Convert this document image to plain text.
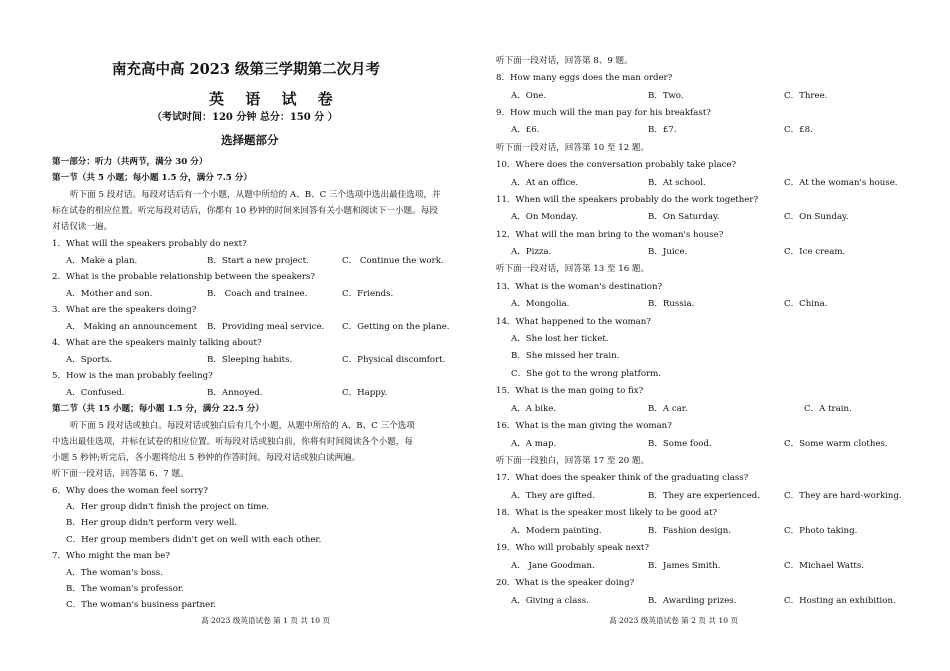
南充高中高 2023 级第三学期第二次月考
英 语 试 卷
（考试时间：120 分钟 总分：150 分 ）
选择题部分
第一部分：听力（共两节，满分 30 分）
第一节（共 5 小题；每小题 1.5 分，满分 7.5 分）
听下面 5 段对话。每段对话后有一个小题，从题中所给的 A、B、C 三个选项中选出最佳选项，并
标在试卷的相应位置。听完每段对话后，你都有 10 秒钟的时间来回答有关小题和阅读下一小题。每段
对话仅读一遍。
1．What will the speakers probably do next?
A．Make a plan.	B．Start a new project.	C． Continue the work.
2．What is the probable relationship between the speakers?
A．Mother and son.	B． Coach and trainee.	C．Friends.
3．What are the speakers doing?
A． Making an announcement B．Providing meal service. C．Getting on the plane.
4．What are the speakers mainly talking about?
A．Sports.	B．Sleeping habits.	C．Physical discomfort.
5．How is the man probably feeling?
A．Confused.	B．Annoyed.	C．Happy.
第二节（共 15 小题；每小题 1.5 分，满分 22.5 分）
听下面 5 段对话或独白。每段对话或独白后有几个小题，从题中所给的 A、B、C 三个选项
中选出最佳选项，并标在试卷的相应位置。听每段对话或独白前，你将有时间阅读各个小题，每
小题 5 秒钟;听完后，各小题将给出 5 秒钟的作答时间。每段对话或独白读两遍。
听下面一段对话，回答第 6、7 题。
6．Why does the woman feel sorry?
A．Her group didn't finish the project on time.
B．Her group didn't perform very well.
C．Her group members didn't get on well with each other.
7．Who might the man be?
A．The woman's boss.
B．The woman's professor.
C．The woman's business partner.
高 2023 级英语试卷 第 1 页 共 10 页
听下面一段对话，回答第 8、9 题。
8．How many eggs does the man order?
A．One.	B．Two.	C．Three.
9．How much will the man pay for his breakfast?
A．£6.	B．£7.	C．£8.
听下面一段对话，回答第 10 至 12 题。
10．Where does the conversation probably take place?
A．At an office.	B．At school.	C．At the woman's house.
11．When will the speakers probably do the work together?
A．On Monday.	B．On Saturday.	C．On Sunday.
12．What will the man bring to the woman's house?
A．Pizza.	B．Juice.	C．Ice cream.
听下面一段对话，回答第 13 至 16 题。
13．What is the woman's destination?
A．Mongolia.	B．Russia.	C．China.
14．What happened to the woman?
A．She lost her ticket.
B．She missed her train.
C．She got to the wrong platform.
15．What is the man going to fix?
A．A bike.	B．A car.	C．A train.
16．What is the man giving the woman?
A．A map.	B．Some food.	C．Some warm clothes.
听下面一段独白，回答第 17 至 20 题。
17．What does the speaker think of the graduating class?
A．They are gifted.	B．They are experienced.	C．They are hard-working.
18．What is the speaker most likely to be good at?
A．Modern painting.	B．Fashion design.	C．Photo taking.
19．Who will probably speak next?
A． Jane Goodman.	B．James Smith.	C．Michael Watts.
20．What is the speaker doing?
A．Giving a class.	B．Awarding prizes.	C．Hosting an exhibition.
高 2023 级英语试卷 第 2 页 共 10 页
